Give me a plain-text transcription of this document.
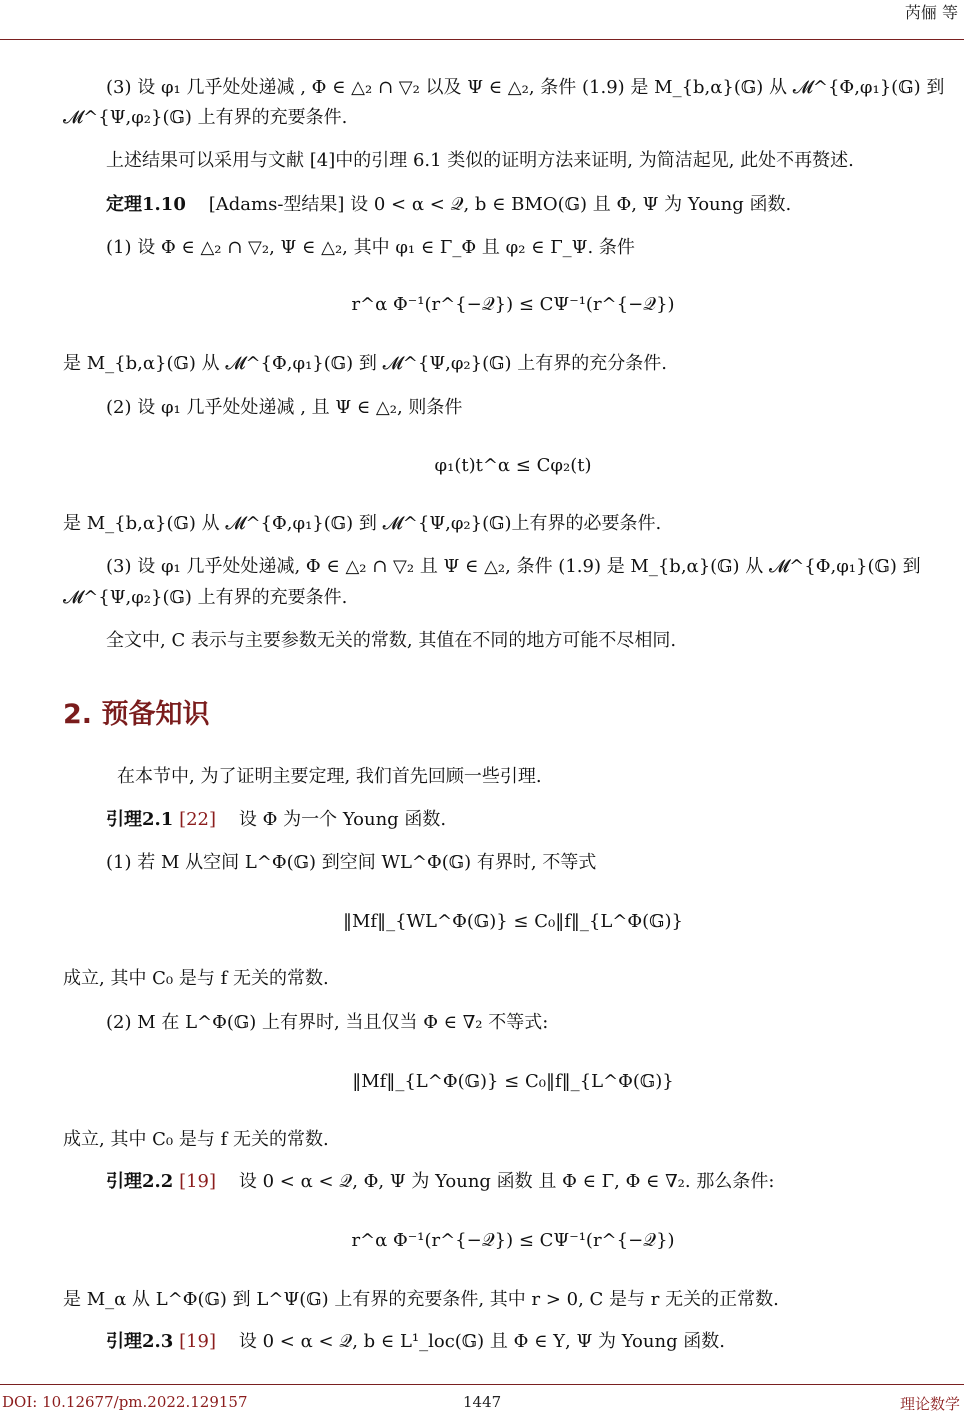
芮俪 等
(3) 设 φ₁ 几乎处处递减 , Φ ∈ △₂ ∩ ▽₂ 以及 Ψ ∈ △₂, 条件 (1.9) 是 M_{b,α}(𝔾) 从 𝓜^{Φ,φ₁}(𝔾) 到
𝓜^{Ψ,φ₂}(𝔾) 上有界的充要条件.
上述结果可以采用与文献 [4]中的引理 6.1 类似的证明方法来证明, 为简洁起见, 此处不再赘述.
定理1.10 [Adams-型结果] 设 0 < α < 𝒬, b ∈ BMO(𝔾) 且 Φ, Ψ 为 Young 函数.
(1) 设 Φ ∈ △₂ ∩ ▽₂, Ψ ∈ △₂, 其中 φ₁ ∈ Γ_Φ 且 φ₂ ∈ Γ_Ψ. 条件
r^α Φ⁻¹(r^{−𝒬}) ≤ CΨ⁻¹(r^{−𝒬})
是 M_{b,α}(𝔾) 从 𝓜^{Φ,φ₁}(𝔾) 到 𝓜^{Ψ,φ₂}(𝔾) 上有界的充分条件.
(2) 设 φ₁ 几乎处处递减 , 且 Ψ ∈ △₂, 则条件
φ₁(t)t^α ≤ Cφ₂(t)
是 M_{b,α}(𝔾) 从 𝓜^{Φ,φ₁}(𝔾) 到 𝓜^{Ψ,φ₂}(𝔾)上有界的必要条件.
(3) 设 φ₁ 几乎处处递减, Φ ∈ △₂ ∩ ▽₂ 且 Ψ ∈ △₂, 条件 (1.9) 是 M_{b,α}(𝔾) 从 𝓜^{Φ,φ₁}(𝔾) 到
𝓜^{Ψ,φ₂}(𝔾) 上有界的充要条件.
全文中, C 表示与主要参数无关的常数, 其值在不同的地方可能不尽相同.
2. 预备知识
在本节中, 为了证明主要定理, 我们首先回顾一些引理.
引理2.1 [22] 设 Φ 为一个 Young 函数.
(1) 若 M 从空间 L^Φ(𝔾) 到空间 WL^Φ(𝔾) 有界时, 不等式
‖Mf‖_{WL^Φ(𝔾)} ≤ C₀‖f‖_{L^Φ(𝔾)}
成立, 其中 C₀ 是与 f 无关的常数.
(2) M 在 L^Φ(𝔾) 上有界时, 当且仅当 Φ ∈ ∇₂ 不等式:
‖Mf‖_{L^Φ(𝔾)} ≤ C₀‖f‖_{L^Φ(𝔾)}
成立, 其中 C₀ 是与 f 无关的常数.
引理2.2 [19] 设 0 < α < 𝒬, Φ, Ψ 为 Young 函数 且 Φ ∈ Γ, Φ ∈ ∇₂. 那么条件:
r^α Φ⁻¹(r^{−𝒬}) ≤ CΨ⁻¹(r^{−𝒬})
是 M_α 从 L^Φ(𝔾) 到 L^Ψ(𝔾) 上有界的充要条件, 其中 r > 0, C 是与 r 无关的正常数.
引理2.3 [19] 设 0 < α < 𝒬, b ∈ L¹_loc(𝔾) 且 Φ ∈ Υ, Ψ 为 Young 函数.
DOI: 10.12677/pm.2022.129157	1447	理论数学
